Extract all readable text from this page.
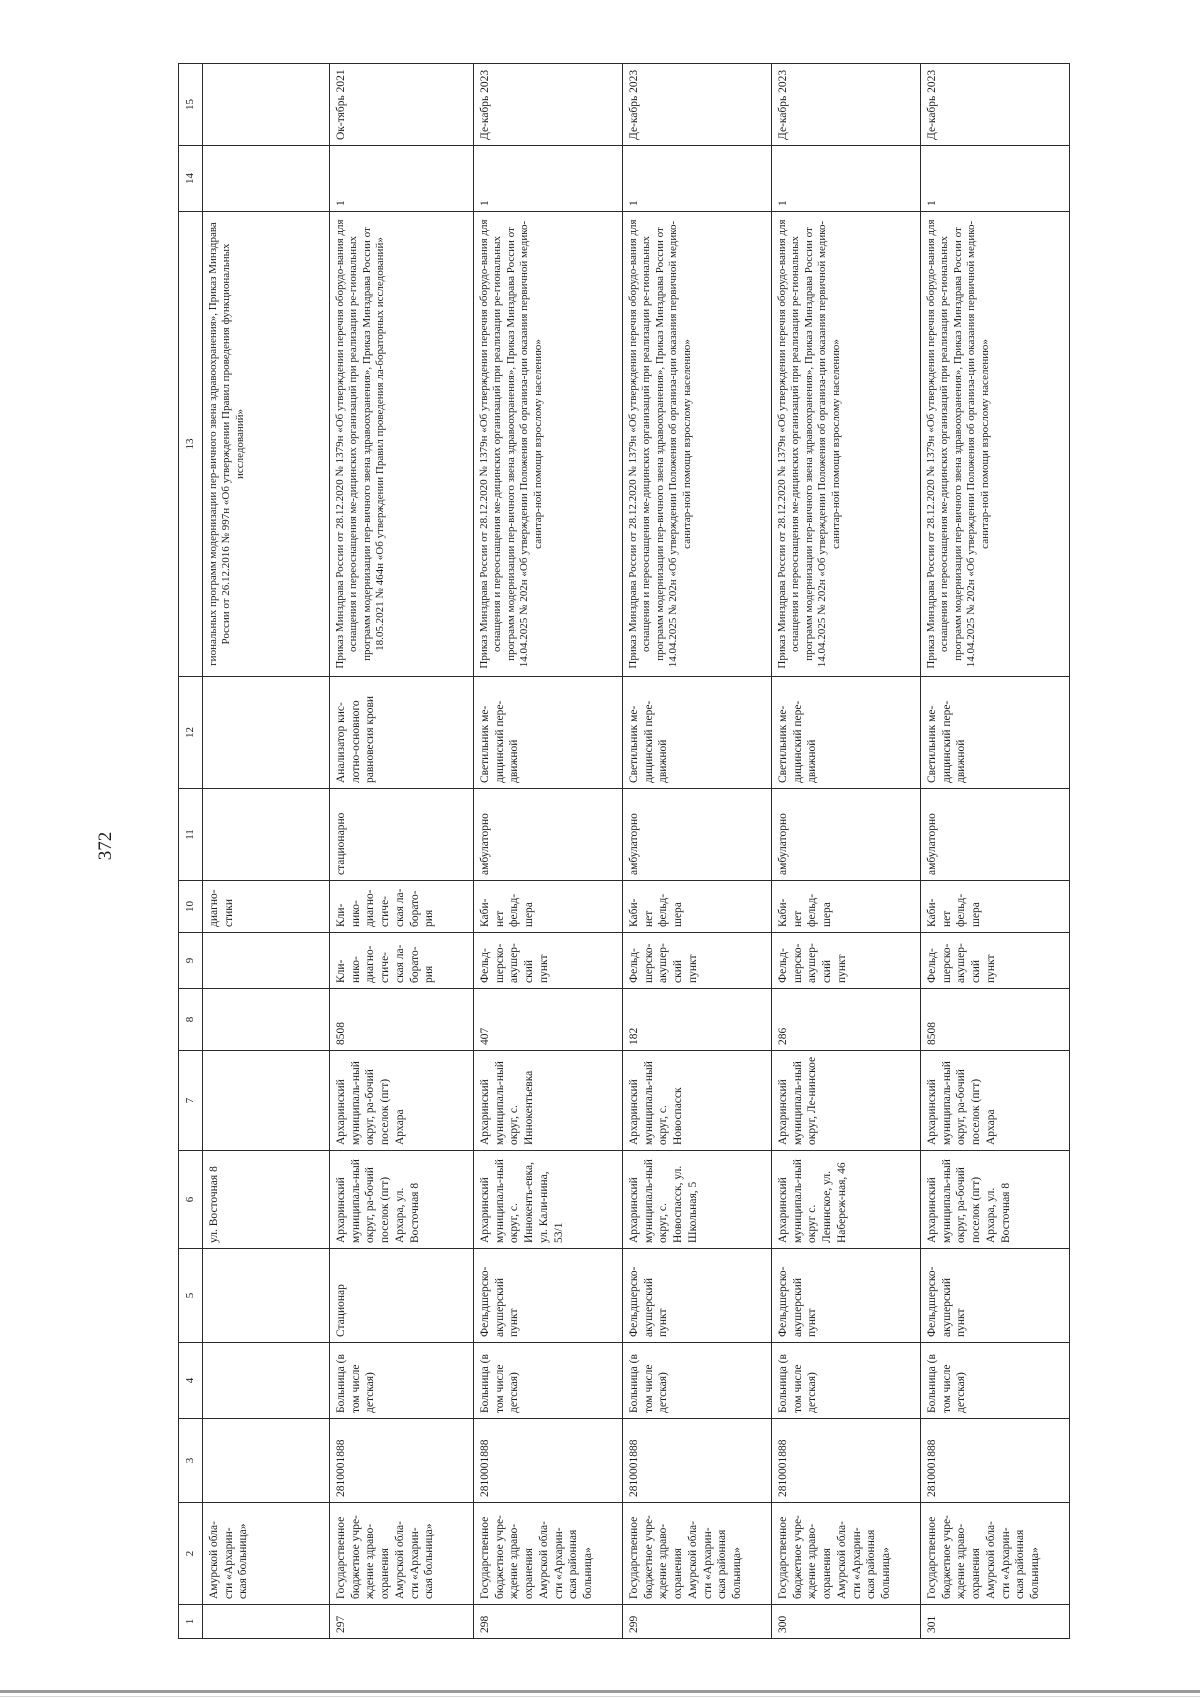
372
1	2	3	4	5	6	7	8	9	10	11	12	13	14	15
	Амурской обла-сти «Архарин-ская больница»				ул. Восточная 8				диагно-стики			гиональных программ модернизации пер-вичного звена здравоохранения», Приказ Минздрава России от 26.12.2016 № 997н «Об утверждении Правил проведения функциональных исследований»		
297	Государственное бюджетное учре-ждение здраво-охранения Амурской обла-сти «Архарин-ская больница»	2810001888	Больница (в том числе детская)	Стационар	Архаринский муниципаль-ный округ, ра-бочий поселок (пгт) Архара, ул. Восточная 8	Архаринский муниципаль-ный округ, ра-бочий поселок (пгт) Архара	8508	Кли-нико-диагно-стиче-ская ла-борато-рия	Кли-нико-диагно-стиче-ская ла-борато-рия	стационарно	Анализатор кис-лотно-основного равновесия крови	Приказ Минздрава России от 28.12.2020 № 1379н «Об утверждении перечня оборудо-вания для оснащения и переоснащения ме-дицинских организаций при реализации ре-гиональных программ модернизации пер-вичного звена здравоохранения», Приказ Минздрава России от 18.05.2021 № 464н «Об утверждении Правил проведения ла-бораторных исследований»	1	Ок-тябрь 2021
298	Государственное бюджетное учре-ждение здраво-охранения Амурской обла-сти «Архарин-ская районная больница»	2810001888	Больница (в том числе детская)	Фельдшерско-акушерский пункт	Архаринский муниципаль-ный округ, с. Иннокенть-евка, ул. Кали-нина, 53/1	Архаринский муниципаль-ный округ, с. Иннокентьевка	407	Фельд-шерско-акушер-ский пункт	Каби-нет фельд-шера	амбулаторно	Светильник ме-дицинский пере-движной	Приказ Минздрава России от 28.12.2020 № 1379н «Об утверждении перечня оборудо-вания для оснащения и переоснащения ме-дицинских организаций при реализации ре-гиональных программ модернизации пер-вичного звена здравоохранения», Приказ Минздрава России от 14.04.2025 № 202н «Об утверждении Положения об организа-ции оказания первичной медико-санитар-ной помощи взрослому населению»	1	Де-кабрь 2023
299	Государственное бюджетное учре-ждение здраво-охранения Амурской обла-сти «Архарин-ская районная больница»	2810001888	Больница (в том числе детская)	Фельдшерско-акушерский пункт	Архаринский муниципаль-ный округ, с. Новоспасск, ул. Школьная, 5	Архаринский муниципаль-ный округ, с. Новоспасск	182	Фельд-шерско-акушер-ский пункт	Каби-нет фельд-шера	амбулаторно	Светильник ме-дицинский пере-движной	Приказ Минздрава России от 28.12.2020 № 1379н «Об утверждении перечня оборудо-вания для оснащения и переоснащения ме-дицинских организаций при реализации ре-гиональных программ модернизации пер-вичного звена здравоохранения», Приказ Минздрава России от 14.04.2025 № 202н «Об утверждении Положения об организа-ции оказания первичной медико-санитар-ной помощи взрослому населению»	1	Де-кабрь 2023
300	Государственное бюджетное учре-ждение здраво-охранения Амурской обла-сти «Архарин-ская районная больница»	2810001888	Больница (в том числе детская)	Фельдшерско-акушерский пункт	Архаринский муниципаль-ный округ с. Ленинское, ул. Набереж-ная, 46	Архаринский муниципаль-ный округ, Ле-нинское	286	Фельд-шерско-акушер-ский пункт	Каби-нет фельд-шера	амбулаторно	Светильник ме-дицинский пере-движной	Приказ Минздрава России от 28.12.2020 № 1379н «Об утверждении перечня оборудо-вания для оснащения и переоснащения ме-дицинских организаций при реализации ре-гиональных программ модернизации пер-вичного звена здравоохранения», Приказ Минздрава России от 14.04.2025 № 202н «Об утверждении Положения об организа-ции оказания первичной медико-санитар-ной помощи взрослому населению»	1	Де-кабрь 2023
301	Государственное бюджетное учре-ждение здраво-охранения Амурской обла-сти «Архарин-ская районная больница»	2810001888	Больница (в том числе детская)	Фельдшерско-акушерский пункт	Архаринский муниципаль-ный округ, ра-бочий поселок (пгт) Архара, ул. Восточная 8	Архаринский муниципаль-ный округ, ра-бочий поселок (пгт) Архара	8508	Фельд-шерско-акушер-ский пункт	Каби-нет фельд-шера	амбулаторно	Светильник ме-дицинский пере-движной	Приказ Минздрава России от 28.12.2020 № 1379н «Об утверждении перечня оборудо-вания для оснащения и переоснащения ме-дицинских организаций при реализации ре-гиональных программ модернизации пер-вичного звена здравоохранения», Приказ Минздрава России от 14.04.2025 № 202н «Об утверждении Положения об организа-ции оказания первичной медико-санитар-ной помощи взрослому населению»	1	Де-кабрь 2023
